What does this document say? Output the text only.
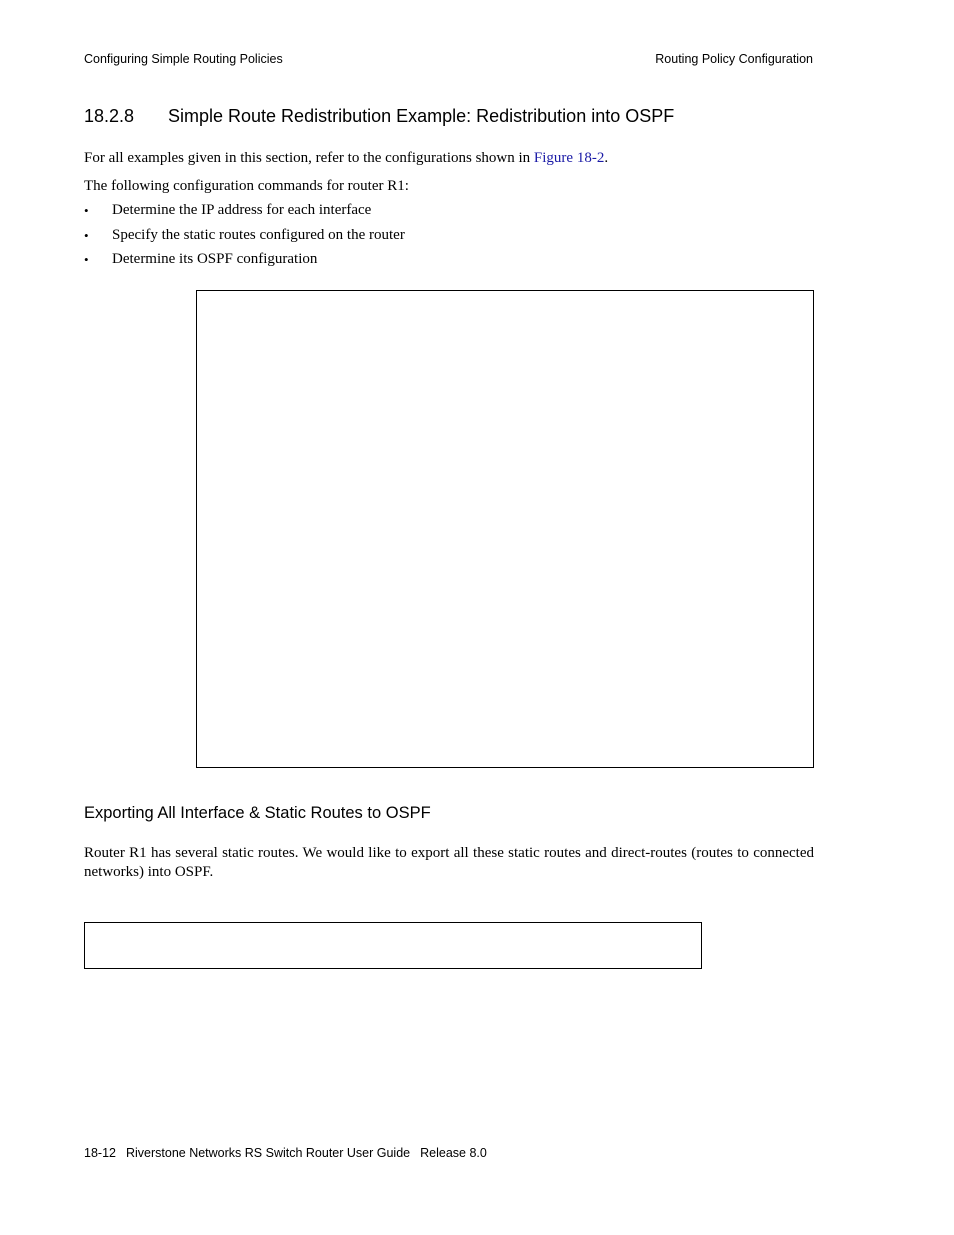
Configuring Simple Routing Policies	Routing Policy Configuration
18.2.8 Simple Route Redistribution Example: Redistribution into OSPF
For all examples given in this section, refer to the configurations shown in Figure 18-2.
The following configuration commands for router R1:
• Determine the IP address for each interface
• Specify the static routes configured on the router
• Determine its OSPF configuration
Exporting All Interface & Static Routes to OSPF
Router R1 has several static routes. We would like to export all these static routes and direct-routes (routes to connected networks) into OSPF.
18-12 Riverstone Networks RS Switch Router User Guide Release 8.0
